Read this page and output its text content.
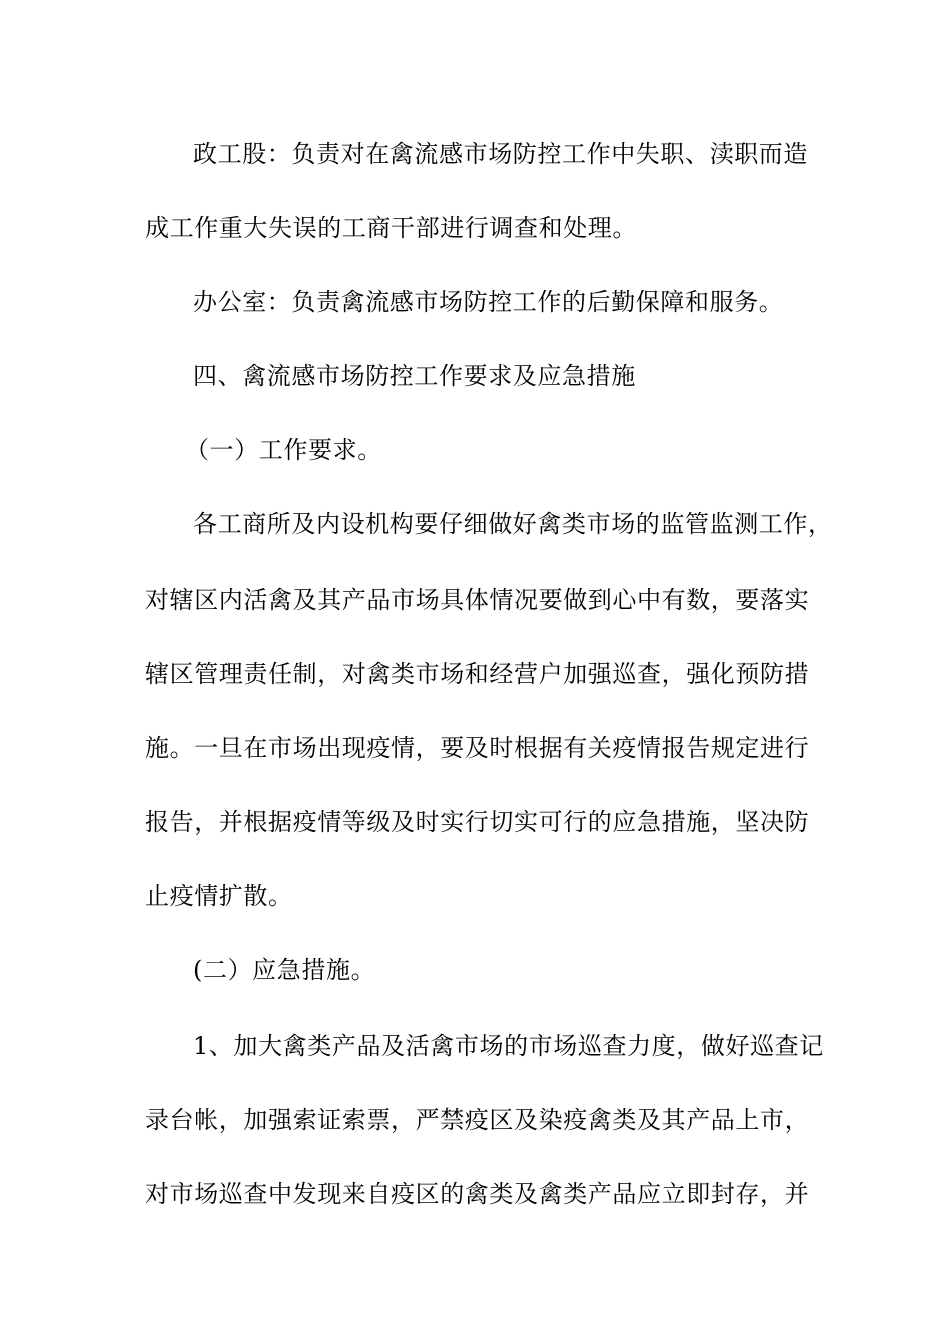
政工股：负责对在禽流感市场防控工作中失职、渎职而造
成工作重大失误的工商干部进行调查和处理。
办公室：负责禽流感市场防控工作的后勤保障和服务。
四、禽流感市场防控工作要求及应急措施
（一）工作要求。
各工商所及内设机构要仔细做好禽类市场的监管监测工作，
对辖区内活禽及其产品市场具体情况要做到心中有数，要落实
辖区管理责任制，对禽类市场和经营户加强巡查，强化预防措
施。一旦在市场出现疫情，要及时根据有关疫情报告规定进行
报告，并根据疫情等级及时实行切实可行的应急措施，坚决防
止疫情扩散。
(二）应急措施。
1、加大禽类产品及活禽市场的市场巡查力度，做好巡查记
录台帐，加强索证索票，严禁疫区及染疫禽类及其产品上市，
对市场巡查中发现来自疫区的禽类及禽类产品应立即封存，并
